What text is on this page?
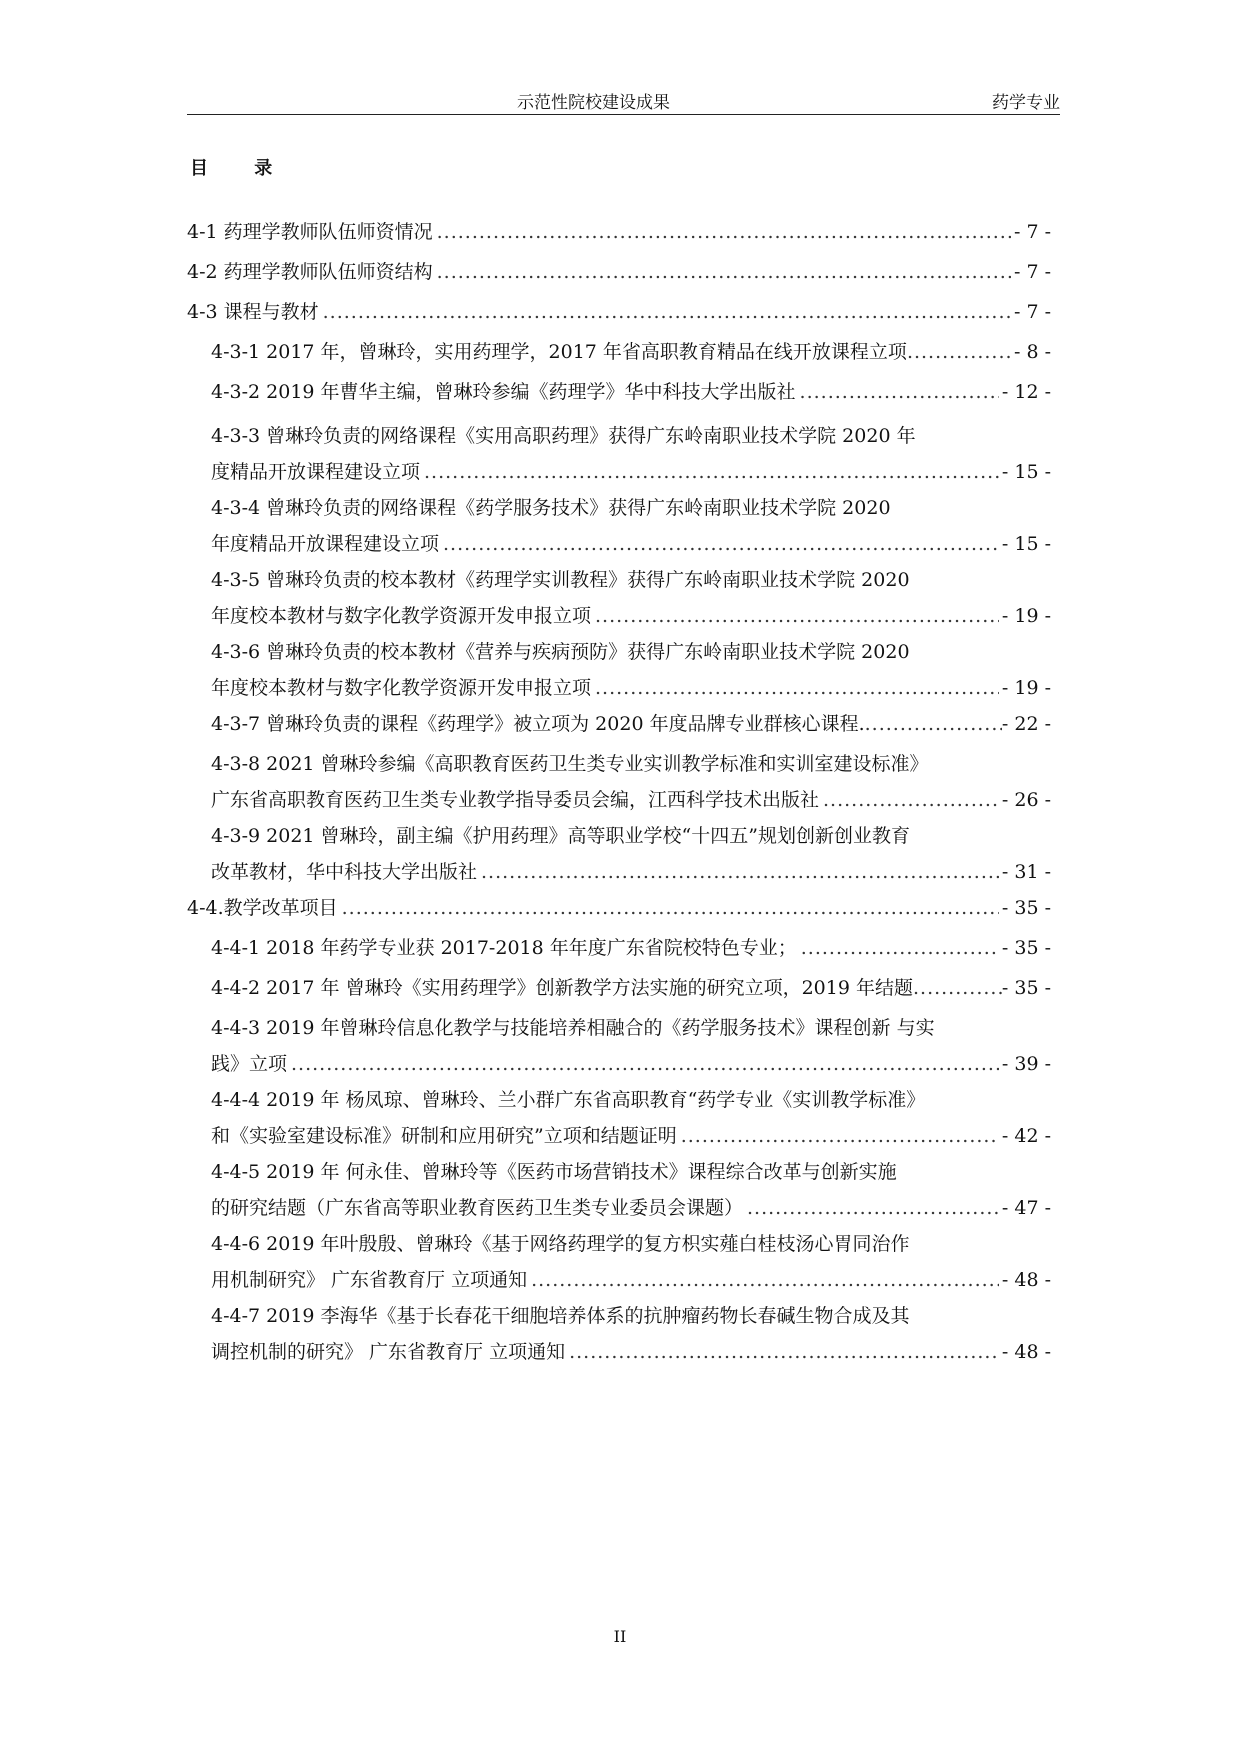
示范性院校建设成果	药学专业
目 录
4-1 药理学教师队伍师资情况 .....	- 7 -
4-2 药理学教师队伍师资结构 .....	- 7 -
4-3 课程与教材 .....	- 7 -
4-3-1 2017 年，曾琳玲，实用药理学，2017 年省高职教育精品在线开放课程立项 .....	- 8 -
4-3-2 2019 年曹华主编，曾琳玲参编《药理学》华中科技大学出版社 .....	- 12 -
4-3-3 曾琳玲负责的网络课程《实用高职药理》获得广东岭南职业技术学院 2020 年
度精品开放课程建设立项 .....	- 15 -
4-3-4 曾琳玲负责的网络课程《药学服务技术》获得广东岭南职业技术学院 2020
年度精品开放课程建设立项 .....	- 15 -
4-3-5 曾琳玲负责的校本教材《药理学实训教程》获得广东岭南职业技术学院 2020
年度校本教材与数字化教学资源开发申报立项 .....	- 19 -
4-3-6 曾琳玲负责的校本教材《营养与疾病预防》获得广东岭南职业技术学院 2020
年度校本教材与数字化教学资源开发申报立项 .....	- 19 -
4-3-7 曾琳玲负责的课程《药理学》被立项为 2020 年度品牌专业群核心课程. .....	- 22 -
4-3-8 2021 曾琳玲参编《高职教育医药卫生类专业实训教学标准和实训室建设标准》
广东省高职教育医药卫生类专业教学指导委员会编，江西科学技术出版社 .....	- 26 -
4-3-9 2021 曾琳玲，副主编《护用药理》高等职业学校“十四五”规划创新创业教育
改革教材，华中科技大学出版社 .....	- 31 -
4-4.教学改革项目 .....	- 35 -
4-4-1 2018 年药学专业获 2017-2018 年年度广东省院校特色专业； .....	- 35 -
4-4-2 2017 年 曾琳玲《实用药理学》创新教学方法实施的研究立项，2019 年结题 .....	- 35 -
4-4-3 2019 年曾琳玲信息化教学与技能培养相融合的《药学服务技术》课程创新 与实
践》立项 .....	- 39 -
4-4-4 2019 年 杨凤琼、曾琳玲、兰小群广东省高职教育“药学专业《实训教学标准》
和《实验室建设标准》研制和应用研究”立项和结题证明 .....	- 42 -
4-4-5 2019 年 何永佳、曾琳玲等《医药市场营销技术》课程综合改革与创新实施
的研究结题（广东省高等职业教育医药卫生类专业委员会课题） .....	- 47 -
4-4-6 2019 年叶殷殷、曾琳玲《基于网络药理学的复方枳实薤白桂枝汤心胃同治作
用机制研究》 广东省教育厅 立项通知 .....	- 48 -
4-4-7 2019 李海华《基于长春花干细胞培养体系的抗肿瘤药物长春碱生物合成及其
调控机制的研究》 广东省教育厅 立项通知 .....	- 48 -
II
